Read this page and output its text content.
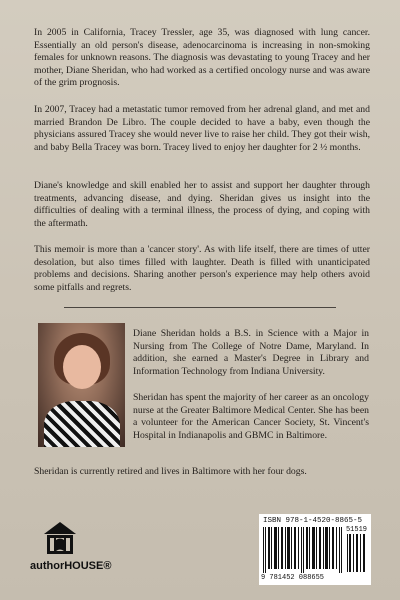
In 2005 in California, Tracey Tressler, age 35, was diagnosed with lung cancer. Essentially an old person's disease, adenocarcinoma is increasing in non-smoking females for unknown reasons. The diagnosis was devastating to young Tracey and her mother, Diane Sheridan, who had worked as a certified oncology nurse and was aware of the grim prognosis.

In 2007, Tracey had a metastatic tumor removed from her adrenal gland, and met and married Brandon De Libro. The couple decided to have a baby, even though the physicians assured Tracey she would never live to raise her child. They got their wish, and baby Bella Tracey was born. Tracey lived to enjoy her daughter for 2 ½ months.

Diane's knowledge and skill enabled her to assist and support her daughter through treatments, advancing disease, and dying. Sheridan gives us insight into the difficulties of dealing with a terminal illness, the process of dying, and coping with the aftermath.

This memoir is more than a 'cancer story'. As with life itself, there are times of utter desolation, but also times filled with laughter. Death is filled with unanticipated problems and decisions. Sharing another person's experience may help others avoid some pitfalls and regrets.

Diane Sheridan holds a B.S. in Science with a Major in Nursing from The College of Notre Dame, Maryland. In addition, she earned a Master's Degree in Library and Information Technology from Indiana University.

Sheridan has spent the majority of her career as an oncology nurse at the Greater Baltimore Medical Center. She has been a volunteer for the American Cancer Society, St. Vincent's Hospital in Indianapolis and GBMC in Baltimore.

Sheridan is currently retired and lives in Baltimore with her four dogs.

authorHOUSE®
ISBN 978-1-4520-8865-5
51519
9 781452 088655
